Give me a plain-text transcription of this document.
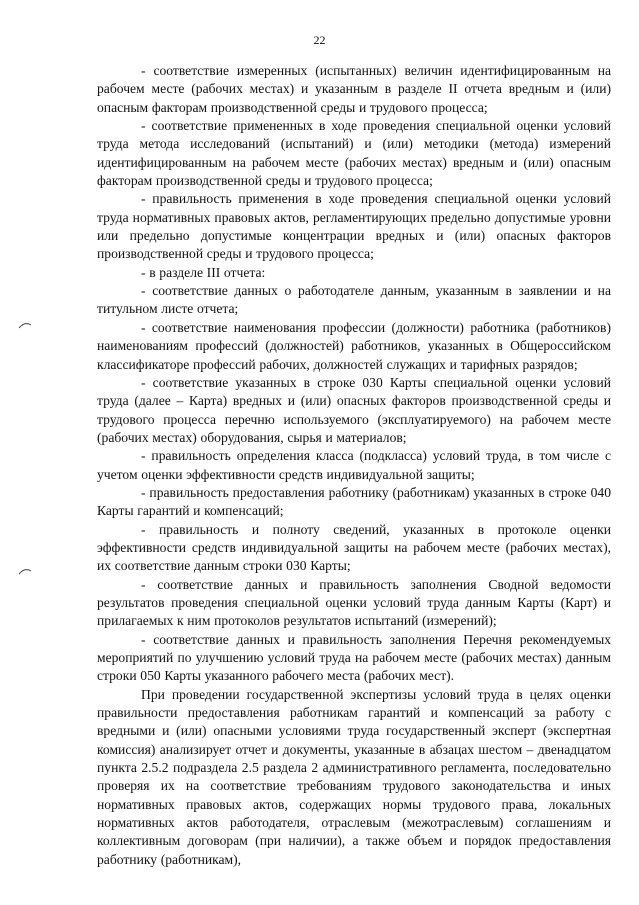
22

- соответствие измеренных (испытанных) величин идентифицированным на рабочем месте (рабочих местах) и указанным в разделе II отчета вредным и (или) опасным факторам производственной среды и трудового процесса;

- соответствие примененных в ходе проведения специальной оценки условий труда метода исследований (испытаний) и (или) методики (метода) измерений идентифицированным на рабочем месте (рабочих местах) вредным и (или) опасным факторам производственной среды и трудового процесса;

- правильность применения в ходе проведения специальной оценки условий труда нормативных правовых актов, регламентирующих предельно допустимые уровни или предельно допустимые концентрации вредных и (или) опасных факторов производственной среды и трудового процесса;

- в разделе III отчета:

- соответствие данных о работодателе данным, указанным в заявлении и на титульном листе отчета;

- соответствие наименования профессии (должности) работника (работников) наименованиям профессий (должностей) работников, указанных в Общероссийском классификаторе профессий рабочих, должностей служащих и тарифных разрядов;

- соответствие указанных в строке 030 Карты специальной оценки условий труда (далее – Карта) вредных и (или) опасных факторов производственной среды и трудового процесса перечню используемого (эксплуатируемого) на рабочем месте (рабочих местах) оборудования, сырья и материалов;

- правильность определения класса (подкласса) условий труда, в том числе с учетом оценки эффективности средств индивидуальной защиты;

- правильность предоставления работнику (работникам) указанных в строке 040 Карты гарантий и компенсаций;

- правильность и полноту сведений, указанных в протоколе оценки эффективности средств индивидуальной защиты на рабочем месте (рабочих местах), их соответствие данным строки 030 Карты;

- соответствие данных и правильность заполнения Сводной ведомости результатов проведения специальной оценки условий труда данным Карты (Карт) и прилагаемых к ним протоколов результатов испытаний (измерений);

- соответствие данных и правильность заполнения Перечня рекомендуемых мероприятий по улучшению условий труда на рабочем месте (рабочих местах) данным строки 050 Карты указанного рабочего места (рабочих мест).

При проведении государственной экспертизы условий труда в целях оценки правильности предоставления работникам гарантий и компенсаций за работу с вредными и (или) опасными условиями труда государственный эксперт (экспертная комиссия) анализирует отчет и документы, указанные в абзацах шестом – двенадцатом пункта 2.5.2 подраздела 2.5 раздела 2 административного регламента, последовательно проверяя их на соответствие требованиям трудового законодательства и иных нормативных правовых актов, содержащих нормы трудового права, локальных нормативных актов работодателя, отраслевым (межотраслевым) соглашениям и коллективным договорам (при наличии), а также объем и порядок предоставления работнику (работникам),
